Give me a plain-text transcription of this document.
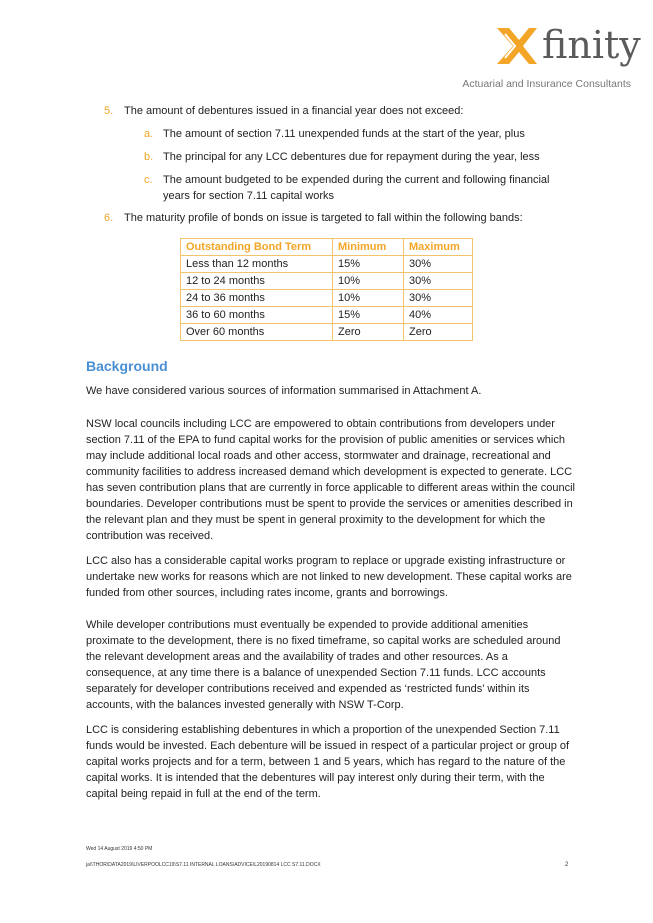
finity
Actuarial and Insurance Consultants
5. The amount of debentures issued in a financial year does not exceed:
a. The amount of section 7.11 unexpended funds at the start of the year, plus
b. The principal for any LCC debentures due for repayment during the year, less
c. The amount budgeted to be expended during the current and following financial years for section 7.11 capital works
6. The maturity profile of bonds on issue is targeted to fall within the following bands:
Outstanding Bond Term	Minimum	Maximum
Less than 12 months	15%	30%
12 to 24 months	10%	30%
24 to 36 months	10%	30%
36 to 60 months	15%	40%
Over 60 months	Zero	Zero
Background

We have considered various sources of information summarised in Attachment A.

NSW local councils including LCC are empowered to obtain contributions from developers under section 7.11 of the EPA to fund capital works for the provision of public amenities or services which may include additional local roads and other access, stormwater and drainage, recreational and community facilities to address increased demand which development is expected to generate. LCC has seven contribution plans that are currently in force applicable to different areas within the council boundaries. Developer contributions must be spent to provide the services or amenities described in the relevant plan and they must be spent in general proximity to the development for which the contribution was received.

LCC also has a considerable capital works program to replace or upgrade existing infrastructure or undertake new works for reasons which are not linked to new development. These capital works are funded from other sources, including rates income, grants and borrowings.

While developer contributions must eventually be expended to provide additional amenities proximate to the development, there is no fixed timeframe, so capital works are scheduled around the relevant development areas and the availability of trades and other resources. As a consequence, at any time there is a balance of unexpended Section 7.11 funds. LCC accounts separately for developer contributions received and expended as ‘restricted funds’ within its accounts, with the balances invested generally with NSW T-Corp.

LCC is considering establishing debentures in which a proportion of the unexpended Section 7.11 funds would be invested. Each debenture will be issued in respect of a particular project or group of capital works projects and for a term, between 1 and 5 years, which has regard to the nature of the capital works. It is intended that the debentures will pay interest only during their term, with the capital being repaid in full at the end of the term.

Wed 14 August 2019 4:50 PM
ja\\THOR\DATA2019\LIVERPOOLCC19\S7.11 INTERNAL LOANS\ADVICE\L20190814 LCC S7.11.DOCX	2
